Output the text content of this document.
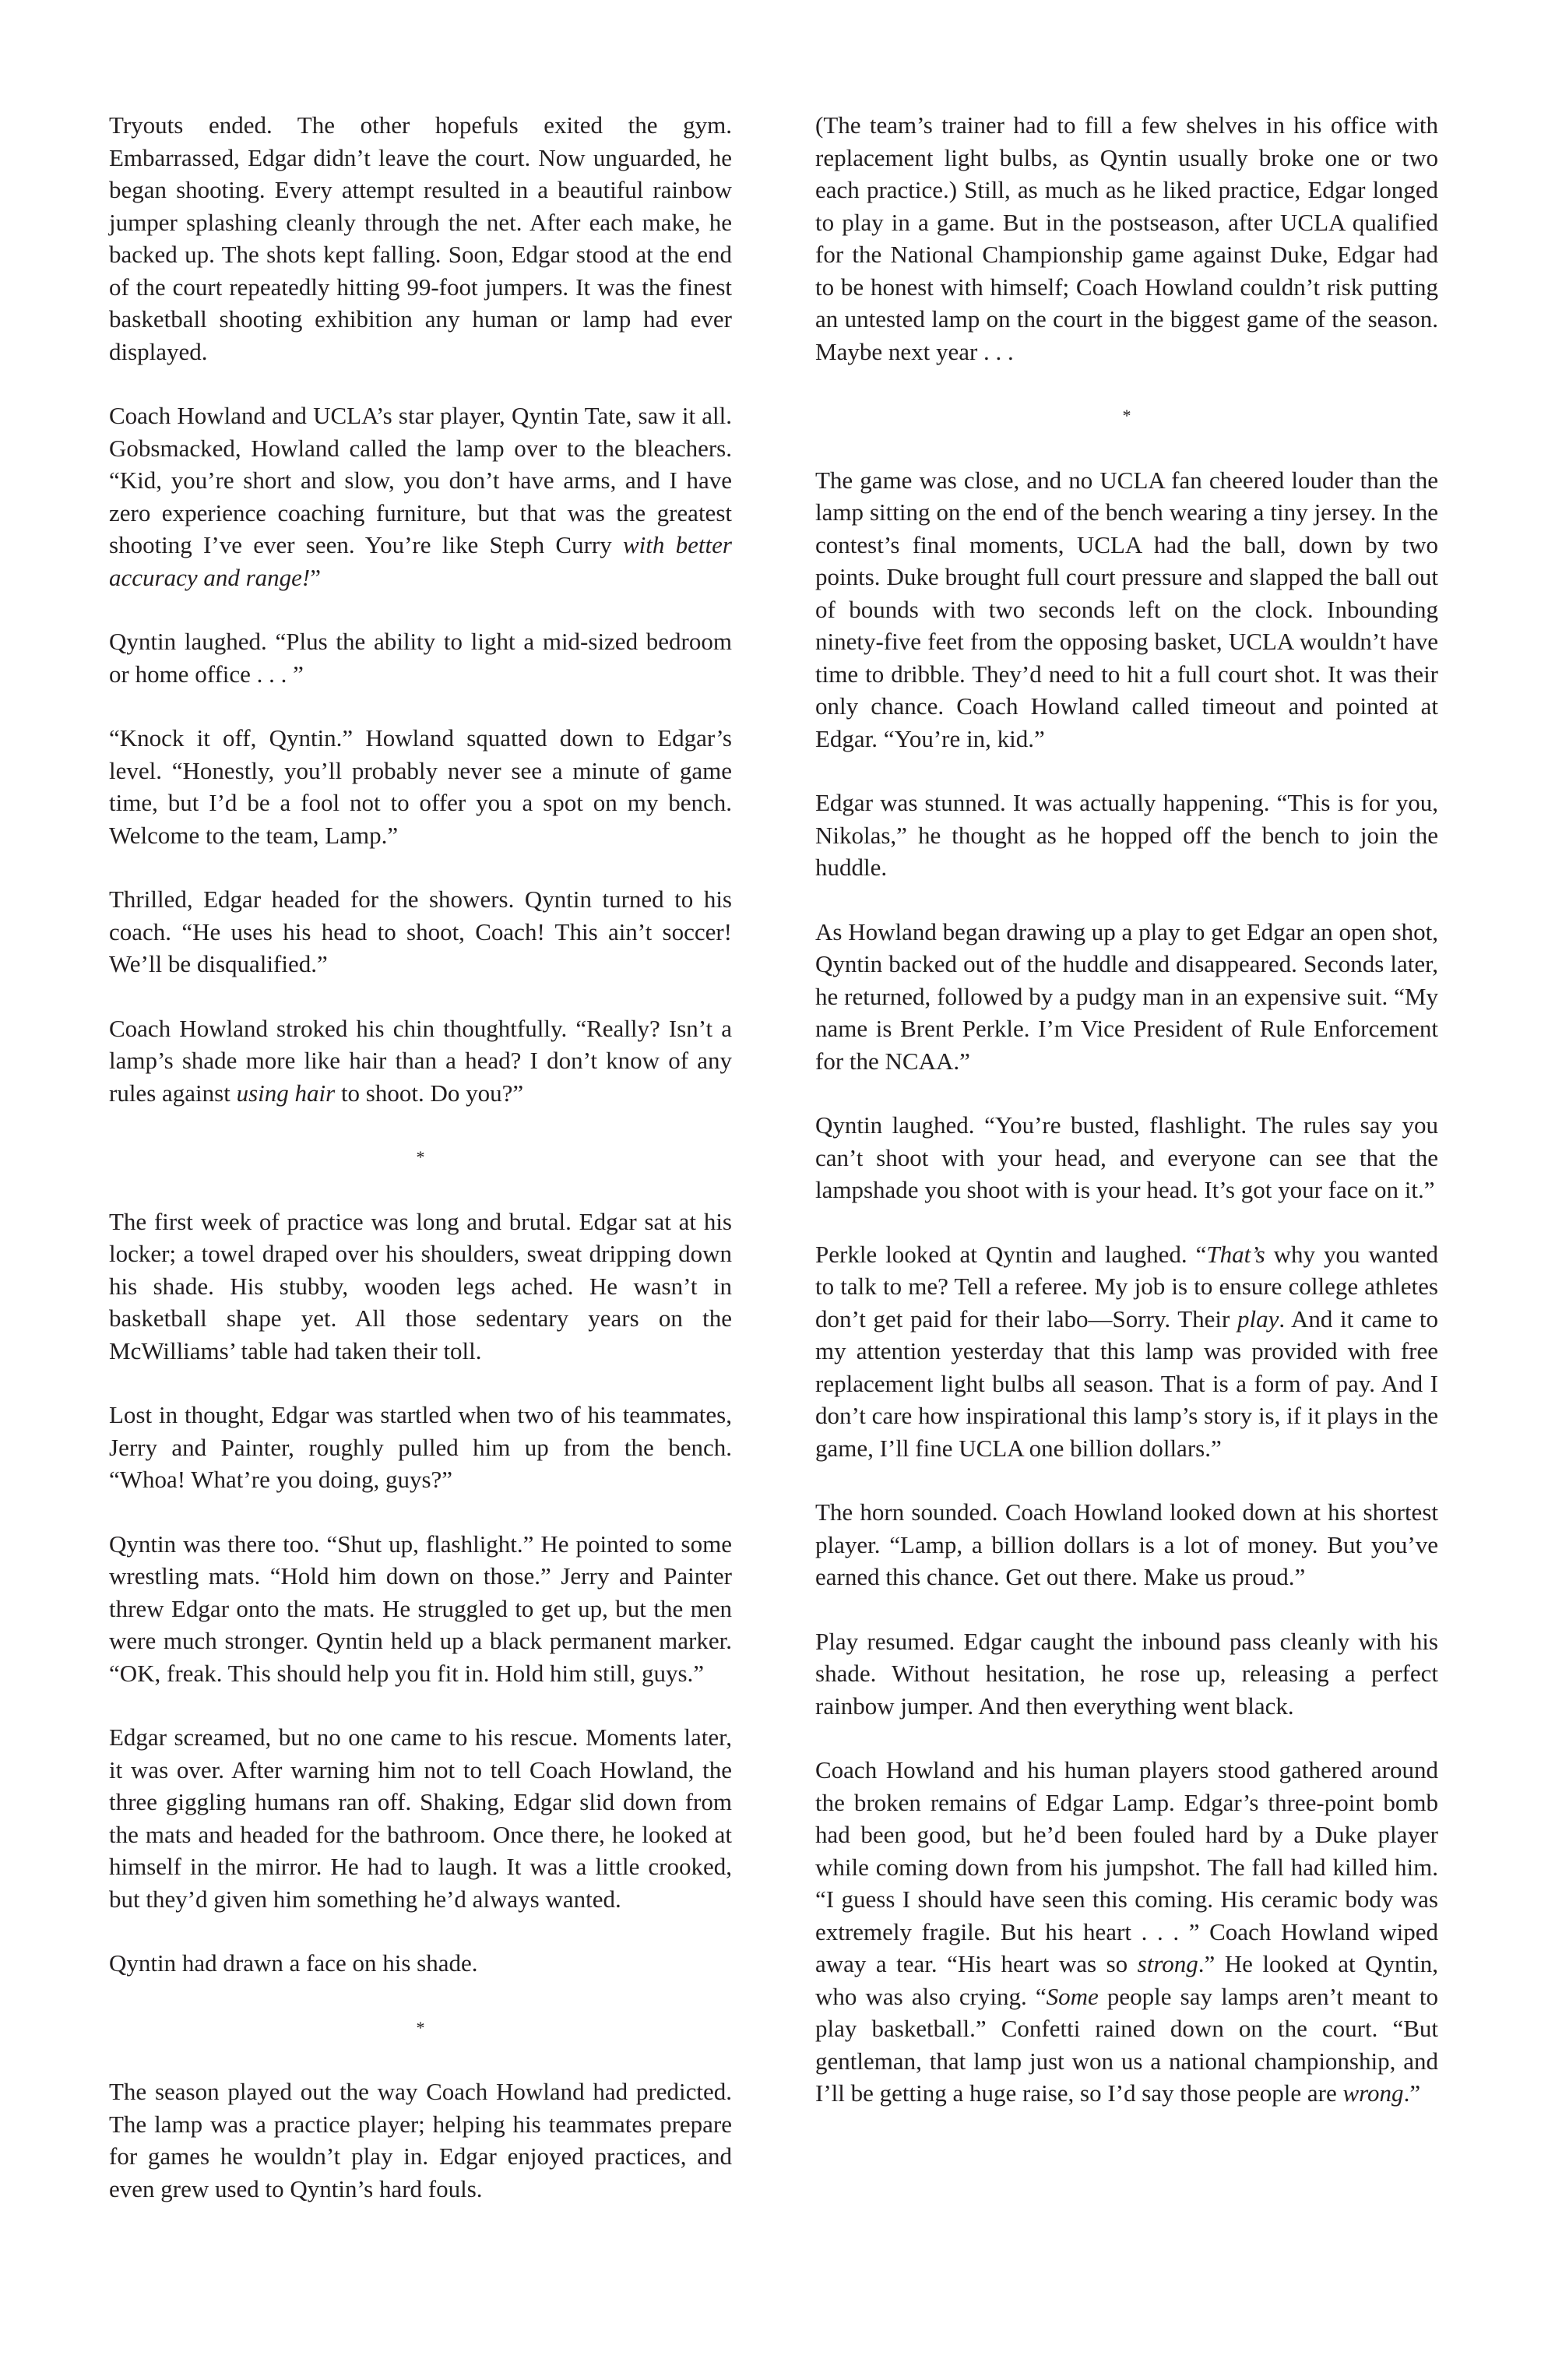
Tryouts ended. The other hopefuls exited the gym. Embarrassed, Edgar didn’t leave the court. Now unguarded, he began shooting. Every attempt resulted in a beautiful rainbow jumper splashing cleanly through the net. After each make, he backed up. The shots kept falling. Soon, Edgar stood at the end of the court repeatedly hitting 99-foot jumpers. It was the finest basketball shooting exhibition any human or lamp had ever displayed.

Coach Howland and UCLA’s star player, Qyntin Tate, saw it all. Gobsmacked, Howland called the lamp over to the bleachers. “Kid, you’re short and slow, you don’t have arms, and I have zero experience coaching furniture, but that was the greatest shooting I’ve ever seen. You’re like Steph Curry with better accuracy and range!”

Qyntin laughed. “Plus the ability to light a mid-sized bedroom or home office . . . ”

“Knock it off, Qyntin.” Howland squatted down to Edgar’s level. “Honestly, you’ll probably never see a minute of game time, but I’d be a fool not to offer you a spot on my bench. Welcome to the team, Lamp.”

Thrilled, Edgar headed for the showers. Qyntin turned to his coach. “He uses his head to shoot, Coach! This ain’t soccer! We’ll be disqualified.”

Coach Howland stroked his chin thoughtfully. “Really? Isn’t a lamp’s shade more like hair than a head? I don’t know of any rules against using hair to shoot. Do you?”

*

The first week of practice was long and brutal. Edgar sat at his locker; a towel draped over his shoulders, sweat dripping down his shade. His stubby, wooden legs ached. He wasn’t in basketball shape yet. All those sedentary years on the McWilliams’ table had taken their toll.

Lost in thought, Edgar was startled when two of his teammates, Jerry and Painter, roughly pulled him up from the bench. “Whoa! What’re you doing, guys?”

Qyntin was there too. “Shut up, flashlight.” He pointed to some wrestling mats. “Hold him down on those.” Jerry and Painter threw Edgar onto the mats. He struggled to get up, but the men were much stronger. Qyntin held up a black permanent marker. “OK, freak. This should help you fit in. Hold him still, guys.”

Edgar screamed, but no one came to his rescue. Moments later, it was over. After warning him not to tell Coach Howland, the three giggling humans ran off. Shaking, Edgar slid down from the mats and headed for the bathroom. Once there, he looked at himself in the mirror. He had to laugh. It was a little crooked, but they’d given him something he’d always wanted.

Qyntin had drawn a face on his shade.

*

The season played out the way Coach Howland had predicted. The lamp was a practice player; helping his teammates prepare for games he wouldn’t play in. Edgar enjoyed practices, and even grew used to Qyntin’s hard fouls.

(The team’s trainer had to fill a few shelves in his office with replacement light bulbs, as Qyntin usually broke one or two each practice.) Still, as much as he liked practice, Edgar longed to play in a game. But in the postseason, after UCLA qualified for the National Championship game against Duke, Edgar had to be honest with himself; Coach Howland couldn’t risk putting an untested lamp on the court in the biggest game of the season. Maybe next year . . .

*

The game was close, and no UCLA fan cheered louder than the lamp sitting on the end of the bench wearing a tiny jersey. In the contest’s final moments, UCLA had the ball, down by two points. Duke brought full court pressure and slapped the ball out of bounds with two seconds left on the clock. Inbounding ninety-five feet from the opposing basket, UCLA wouldn’t have time to dribble. They’d need to hit a full court shot. It was their only chance. Coach Howland called timeout and pointed at Edgar. “You’re in, kid.”

Edgar was stunned. It was actually happening. “This is for you, Nikolas,” he thought as he hopped off the bench to join the huddle.

As Howland began drawing up a play to get Edgar an open shot, Qyntin backed out of the huddle and disappeared. Seconds later, he returned, followed by a pudgy man in an expensive suit. “My name is Brent Perkle. I’m Vice President of Rule Enforcement for the NCAA.”

Qyntin laughed. “You’re busted, flashlight. The rules say you can’t shoot with your head, and everyone can see that the lampshade you shoot with is your head. It’s got your face on it.”

Perkle looked at Qyntin and laughed. “That’s why you wanted to talk to me? Tell a referee. My job is to ensure college athletes don’t get paid for their labo—Sorry. Their play. And it came to my attention yesterday that this lamp was provided with free replacement light bulbs all season. That is a form of pay. And I don’t care how inspirational this lamp’s story is, if it plays in the game, I’ll fine UCLA one billion dollars.”

The horn sounded. Coach Howland looked down at his shortest player. “Lamp, a billion dollars is a lot of money. But you’ve earned this chance. Get out there. Make us proud.”

Play resumed. Edgar caught the inbound pass cleanly with his shade. Without hesitation, he rose up, releasing a perfect rainbow jumper. And then everything went black.

Coach Howland and his human players stood gathered around the broken remains of Edgar Lamp. Edgar’s three-point bomb had been good, but he’d been fouled hard by a Duke player while coming down from his jumpshot. The fall had killed him. “I guess I should have seen this coming. His ceramic body was extremely fragile. But his heart . . . ” Coach Howland wiped away a tear. “His heart was so strong.” He looked at Qyntin, who was also crying. “Some people say lamps aren’t meant to play basketball.” Confetti rained down on the court. “But gentleman, that lamp just won us a national championship, and I’ll be getting a huge raise, so I’d say those people are wrong.”
